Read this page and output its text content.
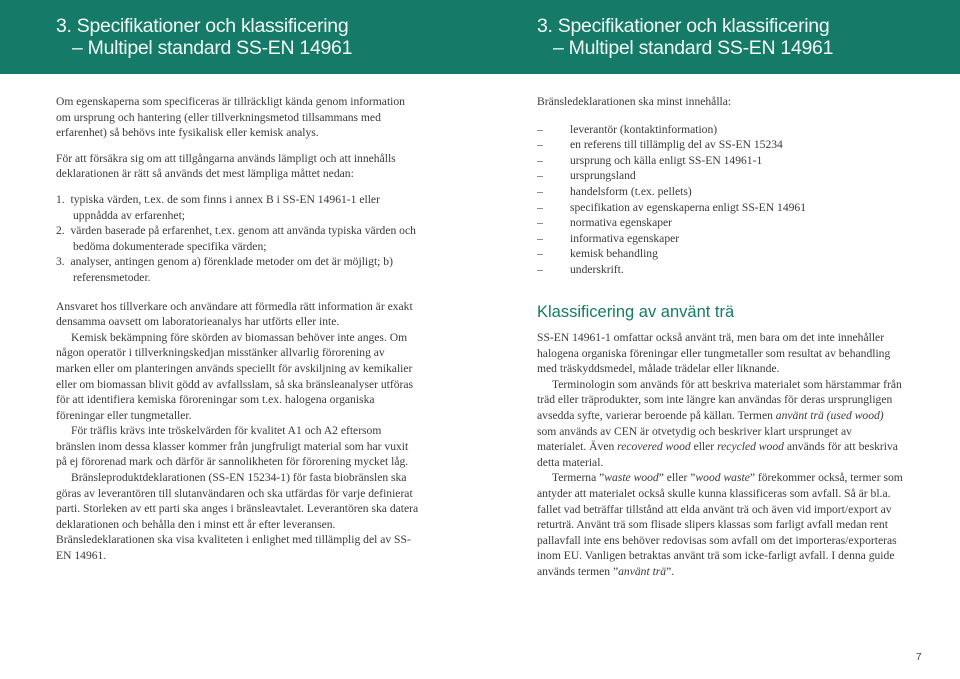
3. Specifikationer och klassificering
– Multipel standard SS-EN 14961
3. Specifikationer och klassificering
– Multipel standard SS-EN 14961

Om egenskaperna som specificeras är tillräckligt kända genom information om ursprung och hantering (eller tillverkningsmetod tillsammans med erfarenhet) så behövs inte fysikalisk eller kemisk analys.

För att försäkra sig om att tillgångarna används lämpligt och att innehålls deklarationen är rätt så används det mest lämpliga måttet nedan:

1. typiska värden, t.ex. de som finns i annex B i SS-EN 14961-1 eller uppnådda av erfarenhet;
2. värden baserade på erfarenhet, t.ex. genom att använda typiska värden och bedöma dokumenterade specifika värden;
3. analyser, antingen genom a) förenklade metoder om det är möjligt; b) referensmetoder.

Ansvaret hos tillverkare och användare att förmedla rätt information är exakt densamma oavsett om laboratorieanalys har utförts eller inte.

Kemisk bekämpning före skörden av biomassan behöver inte anges. Om någon operatör i tillverkningskedjan misstänker allvarlig förorening av marken eller om planteringen används speciellt för avskiljning av kemikalier eller om biomassan blivit gödd av avfallsslam, så ska bränsleanalyser utföras för att identifiera kemiska föroreningar som t.ex. halogena organiska föreningar eller tungmetaller.

För träflis krävs inte tröskelvärden för kvalitet A1 och A2 eftersom bränslen inom dessa klasser kommer från jungfruligt material som har vuxit på ej förorenad mark och därför är sannolikheten för förorening mycket låg.

Bränsleproduktdeklarationen (SS-EN 15234-1) för fasta biobränslen ska göras av leverantören till slutanvändaren och ska utfärdas för varje definierat parti. Storleken av ett parti ska anges i bränsleavtalet. Leverantören ska datera deklarationen och behålla den i minst ett år efter leveransen. Bränsledeklarationen ska visa kvaliteten i enlighet med tillämplig del av SS-EN 14961.

Bränsledeklarationen ska minst innehålla:

– leverantör (kontaktinformation)
– en referens till tillämplig del av SS-EN 15234
– ursprung och källa enligt SS-EN 14961-1
– ursprungsland
– handelsform (t.ex. pellets)
– specifikation av egenskaperna enligt SS-EN 14961
– normativa egenskaper
– informativa egenskaper
– kemisk behandling
– underskrift.
Klassificering av använt trä

SS-EN 14961-1 omfattar också använt trä, men bara om det inte innehåller halogena organiska föreningar eller tungmetaller som resultat av behandling med träskyddsmedel, målade trädelar eller liknande.

Terminologin som används för att beskriva materialet som härstammar från träd eller träprodukter, som inte längre kan användas för deras ursprungligen avsedda syfte, varierar beroende på källan. Termen använt trä (used wood) som används av CEN är otvetydig och beskriver klart ursprunget av materialet. Även recovered wood eller recycled wood används för att beskriva detta material.

Termerna ”waste wood” eller ”wood waste” förekommer också, termer som antyder att materialet också skulle kunna klassificeras som avfall. Så är bl.a. fallet vad beträffar tillstånd att elda använt trä och även vid import/export av returträ. Använt trä som flisade slipers klassas som farligt avfall medan rent pallavfall inte ens behöver redovisas som avfall om det importeras/exporteras inom EU. Vanligen betraktas använt trä som icke-farligt avfall. I denna guide används termen ”använt trä”.

7
